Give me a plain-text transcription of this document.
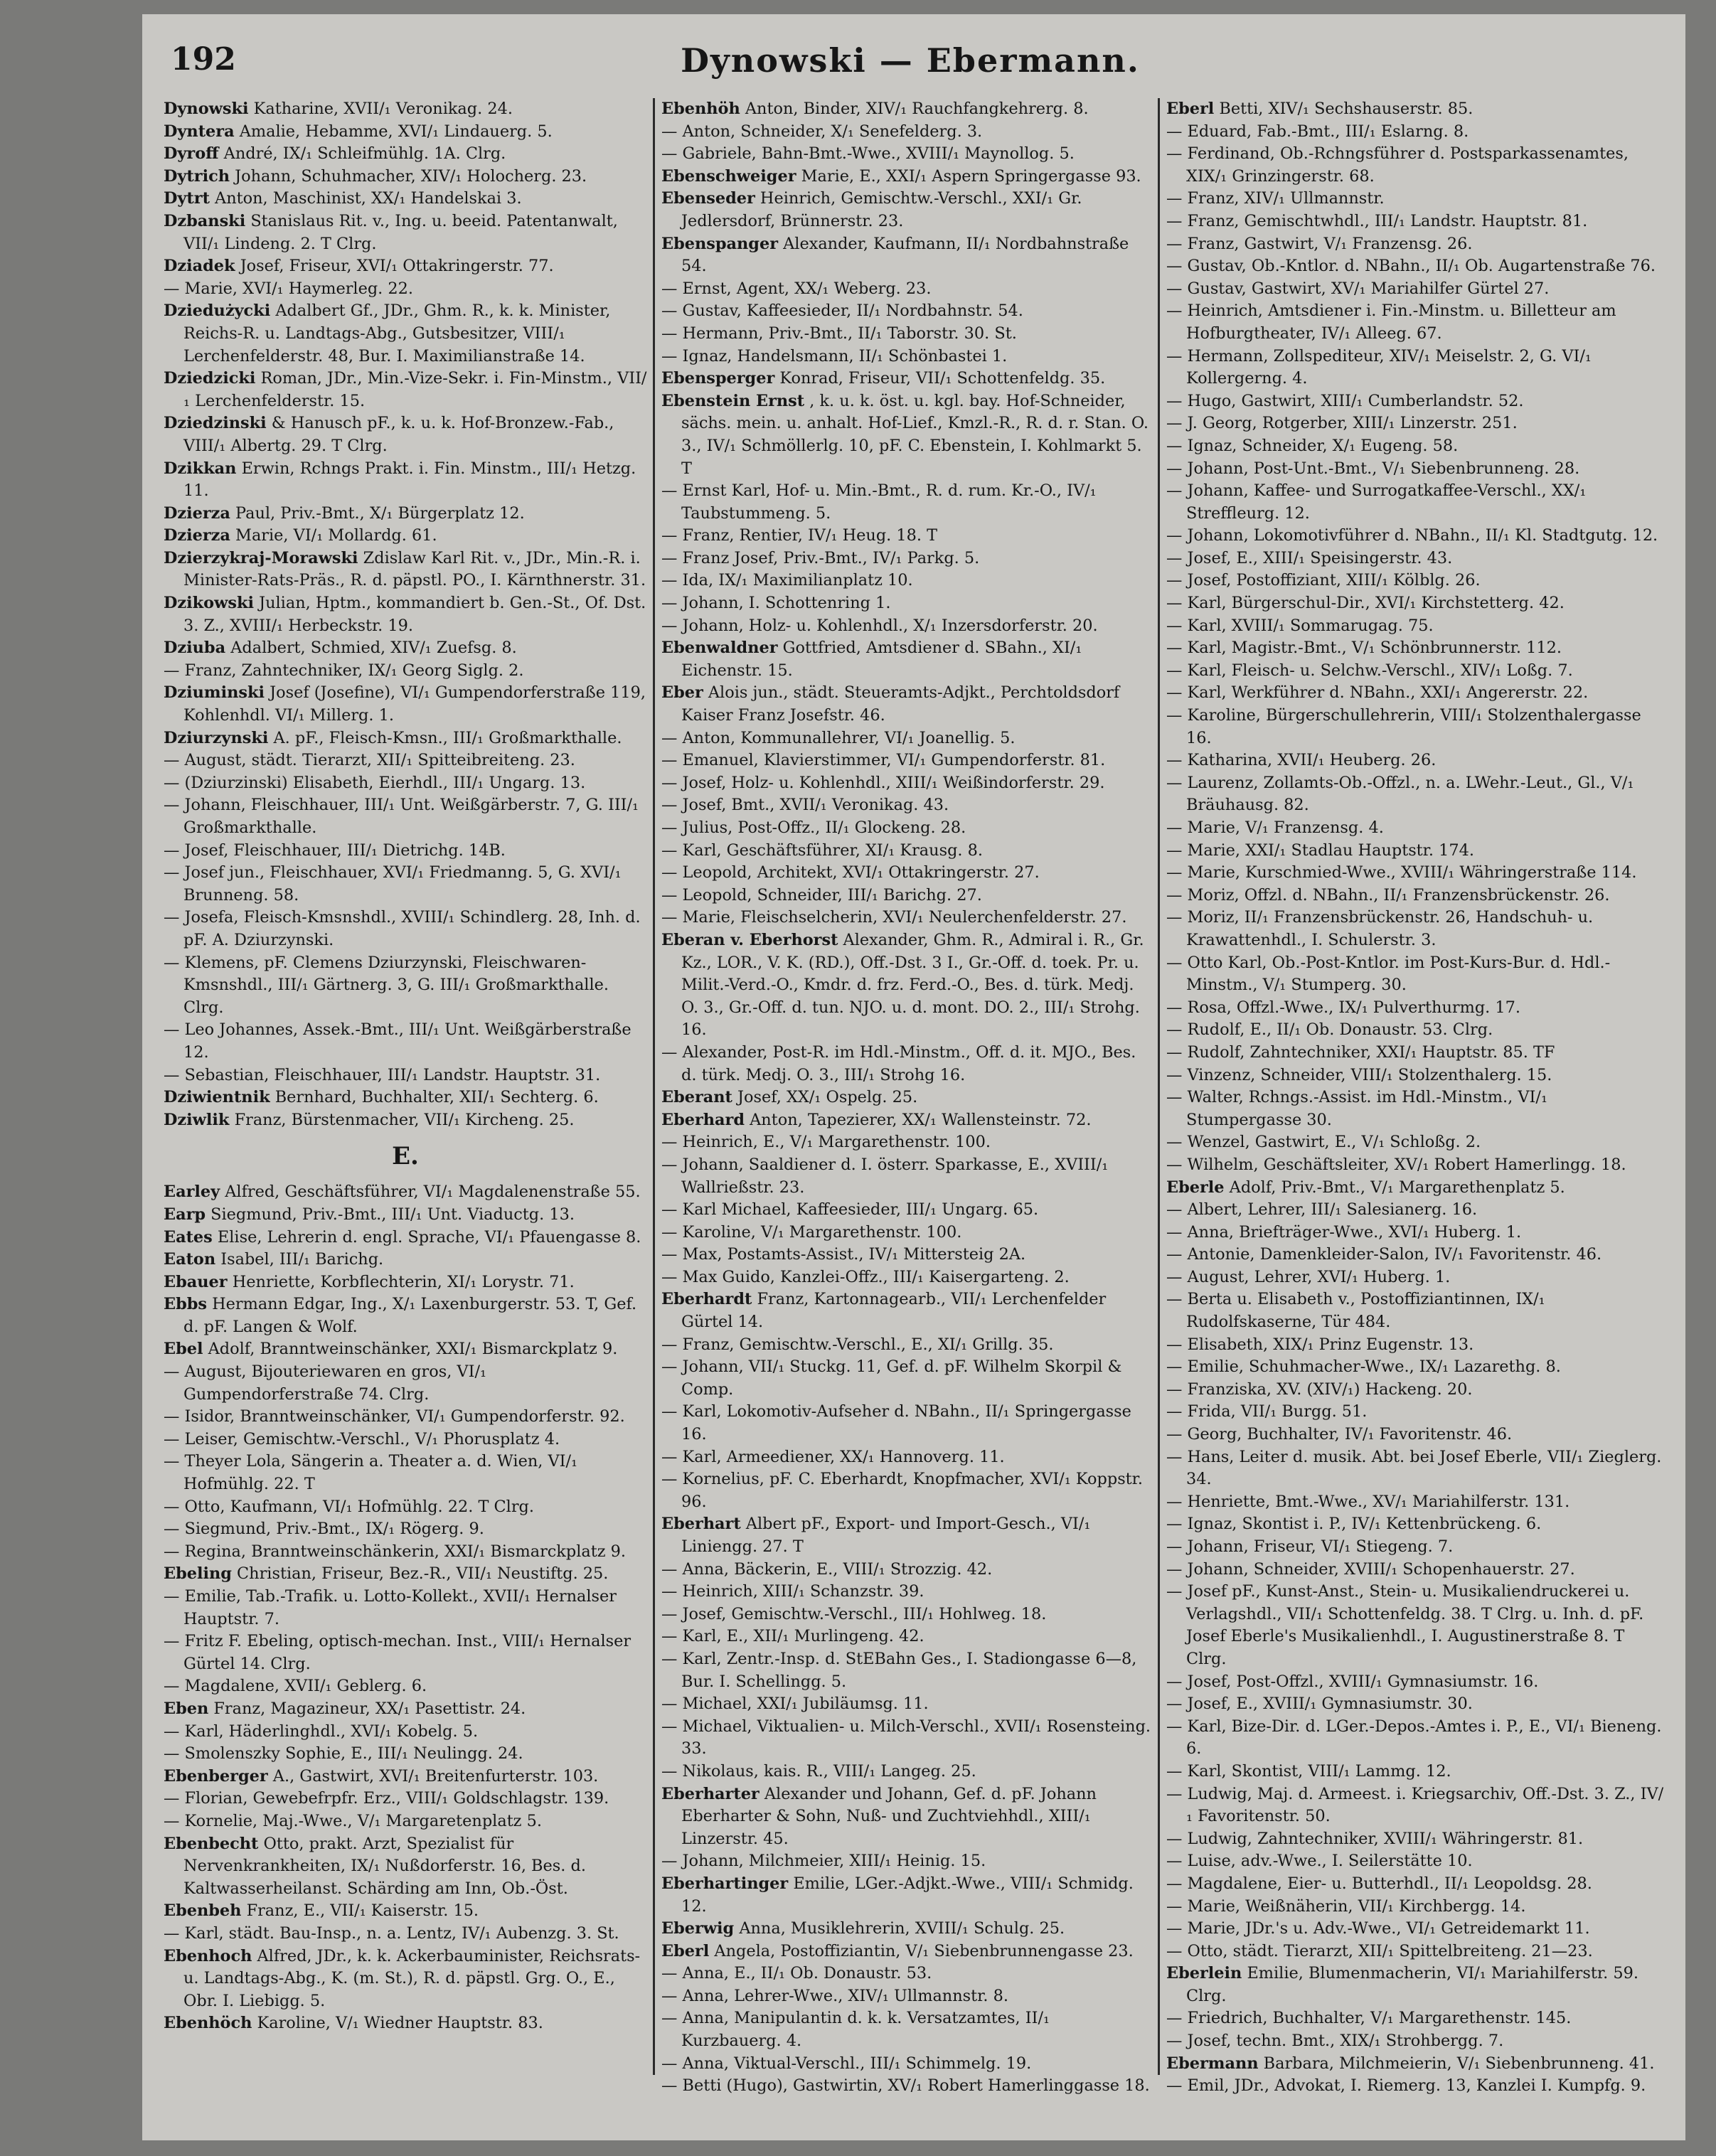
Dynowski — Ebermann.
192
Dynowski Katharine, XVII/₁ Veronikag. 24.
Dyntera Amalie, Hebamme, XVI/₁ Lindauerg. 5.
Dyroff André, IX/₁ Schleifmühlg. 1A. Clrg.
Dytrich Johann, Schuhmacher, XIV/₁ Holocherg. 23.
Dytrt Anton, Maschinist, XX/₁ Handelskai 3.
Dzbanski Stanislaus Rit. v., Ing. u. beeid. Patentanwalt, VII/₁ Lindeng. 2. T Clrg.
Dziadek Josef, Friseur, XVI/₁ Ottakringerstr. 77.
— Marie, XVI/₁ Haymerleg. 22.
Dziedużycki Adalbert Gf., JDr., Ghm. R., k. k. Minister, Reichs-R. u. Landtags-Abg., Gutsbesitzer, VIII/₁ Lerchenfelderstr. 48, Bur. I. Maximilianstraße 14.
Dziedzicki Roman, JDr., Min.-Vize-Sekr. i. Fin-Minstm., VII/₁ Lerchenfelderstr. 15.
Dziedzinski & Hanusch pF., k. u. k. Hof-Bronzew.-Fab., VIII/₁ Albertg. 29. T Clrg.
Dzikkan Erwin, Rchngs Prakt. i. Fin. Minstm., III/₁ Hetzg. 11.
Dzierza Paul, Priv.-Bmt., X/₁ Bürgerplatz 12.
Dzierza Marie, VI/₁ Mollardg. 61.
Dzierzykraj-Morawski Zdislaw Karl Rit. v., JDr., Min.-R. i. Minister-Rats-Präs., R. d. päpstl. PO., I. Kärnthnerstr. 31.
Dzikowski Julian, Hptm., kommandiert b. Gen.-St., Of. Dst. 3. Z., XVIII/₁ Herbeckstr. 19.
Dziuba Adalbert, Schmied, XIV/₁ Zuefsg. 8.
— Franz, Zahntechniker, IX/₁ Georg Siglg. 2.
Dziuminski Josef (Josefine), VI/₁ Gumpendorferstraße 119, Kohlenhdl. VI/₁ Millerg. 1.
Dziurzynski A. pF., Fleisch-Kmsn., III/₁ Großmarkthalle.
— August, städt. Tierarzt, XII/₁ Spitteibreiteng. 23.
— (Dziurzinski) Elisabeth, Eierhdl., III/₁ Ungarg. 13.
— Johann, Fleischhauer, III/₁ Unt. Weißgärberstr. 7, G. III/₁ Großmarkthalle.
— Josef, Fleischhauer, III/₁ Dietrichg. 14B.
— Josef jun., Fleischhauer, XVI/₁ Friedmanng. 5, G. XVI/₁ Brunneng. 58.
— Josefa, Fleisch-Kmsnshdl., XVIII/₁ Schindlerg. 28, Inh. d. pF. A. Dziurzynski.
— Klemens, pF. Clemens Dziurzynski, Fleischwaren-Kmsnshdl., III/₁ Gärtnerg. 3, G. III/₁ Großmarkthalle. Clrg.
— Leo Johannes, Assek.-Bmt., III/₁ Unt. Weißgärberstraße 12.
— Sebastian, Fleischhauer, III/₁ Landstr. Hauptstr. 31.
Dziwientnik Bernhard, Buchhalter, XII/₁ Sechterg. 6.
Dziwlik Franz, Bürstenmacher, VII/₁ Kircheng. 25.
E.
Earley Alfred, Geschäftsführer, VI/₁ Magdalenenstraße 55.
Earp Siegmund, Priv.-Bmt., III/₁ Unt. Viaductg. 13.
Eates Elise, Lehrerin d. engl. Sprache, VI/₁ Pfauengasse 8.
Eaton Isabel, III/₁ Barichg.
Ebauer Henriette, Korbflechterin, XI/₁ Lorystr. 71.
Ebbs Hermann Edgar, Ing., X/₁ Laxenburgerstr. 53. T, Gef. d. pF. Langen & Wolf.
Ebel Adolf, Branntweinschänker, XXI/₁ Bismarckplatz 9.
— August, Bijouteriewaren en gros, VI/₁ Gumpendorferstraße 74. Clrg.
— Isidor, Branntweinschänker, VI/₁ Gumpendorferstr. 92.
— Leiser, Gemischtw.-Verschl., V/₁ Phorusplatz 4.
— Theyer Lola, Sängerin a. Theater a. d. Wien, VI/₁ Hofmühlg. 22. T
— Otto, Kaufmann, VI/₁ Hofmühlg. 22. T Clrg.
— Siegmund, Priv.-Bmt., IX/₁ Rögerg. 9.
— Regina, Branntweinschänkerin, XXI/₁ Bismarckplatz 9.
Ebeling Christian, Friseur, Bez.-R., VII/₁ Neustiftg. 25.
— Emilie, Tab.-Trafik. u. Lotto-Kollekt., XVII/₁ Hernalser Hauptstr. 7.
— Fritz F. Ebeling, optisch-mechan. Inst., VIII/₁ Hernalser Gürtel 14. Clrg.
— Magdalene, XVII/₁ Geblerg. 6.
Eben Franz, Magazineur, XX/₁ Pasettistr. 24.
— Karl, Häderlinghdl., XVI/₁ Kobelg. 5.
— Smolenszky Sophie, E., III/₁ Neulingg. 24.
Ebenberger A., Gastwirt, XVI/₁ Breitenfurterstr. 103.
— Florian, Gewebefrpfr. Erz., VIII/₁ Goldschlagstr. 139.
— Kornelie, Maj.-Wwe., V/₁ Margaretenplatz 5.
Ebenbecht Otto, prakt. Arzt, Spezialist für Nervenkrankheiten, IX/₁ Nußdorferstr. 16, Bes. d. Kaltwasserheilanst. Schärding am Inn, Ob.-Öst.
Ebenbeh Franz, E., VII/₁ Kaiserstr. 15.
— Karl, städt. Bau-Insp., n. a. Lentz, IV/₁ Aubenzg. 3. St.
Ebenhoch Alfred, JDr., k. k. Ackerbauminister, Reichsrats- u. Landtags-Abg., K. (m. St.), R. d. päpstl. Grg. O., E., Obr. I. Liebigg. 5.
Ebenhöch Karoline, V/₁ Wiedner Hauptstr. 83.
Ebenhöh Anton, Binder, XIV/₁ Rauchfangkehrerg. 8.
— Anton, Schneider, X/₁ Senefelderg. 3.
— Gabriele, Bahn-Bmt.-Wwe., XVIII/₁ Maynollog. 5.
Ebenschweiger Marie, E., XXI/₁ Aspern Springergasse 93.
Ebenseder Heinrich, Gemischtw.-Verschl., XXI/₁ Gr. Jedlersdorf, Brünnerstr. 23.
Ebenspanger Alexander, Kaufmann, II/₁ Nordbahnstraße 54.
— Ernst, Agent, XX/₁ Weberg. 23.
— Gustav, Kaffeesieder, II/₁ Nordbahnstr. 54.
— Hermann, Priv.-Bmt., II/₁ Taborstr. 30. St.
— Ignaz, Handelsmann, II/₁ Schönbastei 1.
Ebensperger Konrad, Friseur, VII/₁ Schottenfeldg. 35.
Ebenstein Ernst , k. u. k. öst. u. kgl. bay. Hof-Schneider, sächs. mein. u. anhalt. Hof-Lief., Kmzl.-R., R. d. r. Stan. O. 3., IV/₁ Schmöllerlg. 10, pF. C. Ebenstein, I. Kohlmarkt 5. T
— Ernst Karl, Hof- u. Min.-Bmt., R. d. rum. Kr.-O., IV/₁ Taubstummeng. 5.
— Franz, Rentier, IV/₁ Heug. 18. T
— Franz Josef, Priv.-Bmt., IV/₁ Parkg. 5.
— Ida, IX/₁ Maximilianplatz 10.
— Johann, I. Schottenring 1.
— Johann, Holz- u. Kohlenhdl., X/₁ Inzersdorferstr. 20.
Ebenwaldner Gottfried, Amtsdiener d. SBahn., XI/₁ Eichenstr. 15.
Eber Alois jun., städt. Steueramts-Adjkt., Perchtoldsdorf Kaiser Franz Josefstr. 46.
— Anton, Kommunallehrer, VI/₁ Joanellig. 5.
— Emanuel, Klavierstimmer, VI/₁ Gumpendorferstr. 81.
— Josef, Holz- u. Kohlenhdl., XIII/₁ Weißindorferstr. 29.
— Josef, Bmt., XVII/₁ Veronikag. 43.
— Julius, Post-Offz., II/₁ Glockeng. 28.
— Karl, Geschäftsführer, XI/₁ Krausg. 8.
— Leopold, Architekt, XVI/₁ Ottakringerstr. 27.
— Leopold, Schneider, III/₁ Barichg. 27.
— Marie, Fleischselcherin, XVI/₁ Neulerchenfelderstr. 27.
Eberan v. Eberhorst Alexander, Ghm. R., Admiral i. R., Gr. Kz., LOR., V. K. (RD.), Off.-Dst. 3 I., Gr.-Off. d. toek. Pr. u. Milit.-Verd.-O., Kmdr. d. frz. Ferd.-O., Bes. d. türk. Medj. O. 3., Gr.-Off. d. tun. NJO. u. d. mont. DO. 2., III/₁ Strohg. 16.
— Alexander, Post-R. im Hdl.-Minstm., Off. d. it. MJO., Bes. d. türk. Medj. O. 3., III/₁ Strohg 16.
Eberant Josef, XX/₁ Ospelg. 25.
Eberhard Anton, Tapezierer, XX/₁ Wallensteinstr. 72.
— Heinrich, E., V/₁ Margarethenstr. 100.
— Johann, Saaldiener d. I. österr. Sparkasse, E., XVIII/₁ Wallrießstr. 23.
— Karl Michael, Kaffeesieder, III/₁ Ungarg. 65.
— Karoline, V/₁ Margarethenstr. 100.
— Max, Postamts-Assist., IV/₁ Mittersteig 2A.
— Max Guido, Kanzlei-Offz., III/₁ Kaisergarteng. 2.
Eberhardt Franz, Kartonnagearb., VII/₁ Lerchenfelder Gürtel 14.
— Franz, Gemischtw.-Verschl., E., XI/₁ Grillg. 35.
— Johann, VII/₁ Stuckg. 11, Gef. d. pF. Wilhelm Skorpil & Comp.
— Karl, Lokomotiv-Aufseher d. NBahn., II/₁ Springergasse 16.
— Karl, Armeediener, XX/₁ Hannoverg. 11.
— Kornelius, pF. C. Eberhardt, Knopfmacher, XVI/₁ Koppstr. 96.
Eberhart Albert pF., Export- und Import-Gesch., VI/₁ Liniengg. 27. T
— Anna, Bäckerin, E., VIII/₁ Strozzig. 42.
— Heinrich, XIII/₁ Schanzstr. 39.
— Josef, Gemischtw.-Verschl., III/₁ Hohlweg. 18.
— Karl, E., XII/₁ Murlingeng. 42.
— Karl, Zentr.-Insp. d. StEBahn Ges., I. Stadiongasse 6—8, Bur. I. Schellingg. 5.
— Michael, XXI/₁ Jubiläumsg. 11.
— Michael, Viktualien- u. Milch-Verschl., XVII/₁ Rosensteing. 33.
— Nikolaus, kais. R., VIII/₁ Langeg. 25.
Eberharter Alexander und Johann, Gef. d. pF. Johann Eberharter & Sohn, Nuß- und Zuchtviehhdl., XIII/₁ Linzerstr. 45.
— Johann, Milchmeier, XIII/₁ Heinig. 15.
Eberhartinger Emilie, LGer.-Adjkt.-Wwe., VIII/₁ Schmidg. 12.
Eberwig Anna, Musiklehrerin, XVIII/₁ Schulg. 25.
Eberl Angela, Postoffiziantin, V/₁ Siebenbrunnengasse 23.
— Anna, E., II/₁ Ob. Donaustr. 53.
— Anna, Lehrer-Wwe., XIV/₁ Ullmannstr. 8.
— Anna, Manipulantin d. k. k. Versatzamtes, II/₁ Kurzbauerg. 4.
— Anna, Viktual-Verschl., III/₁ Schimmelg. 19.
— Betti (Hugo), Gastwirtin, XV/₁ Robert Hamerlinggasse 18.
Eberl Betti, XIV/₁ Sechshauserstr. 85.
— Eduard, Fab.-Bmt., III/₁ Eslarng. 8.
— Ferdinand, Ob.-Rchngsführer d. Postsparkassenamtes, XIX/₁ Grinzingerstr. 68.
— Franz, XIV/₁ Ullmannstr.
— Franz, Gemischtwhdl., III/₁ Landstr. Hauptstr. 81.
— Franz, Gastwirt, V/₁ Franzensg. 26.
— Gustav, Ob.-Kntlor. d. NBahn., II/₁ Ob. Augartenstraße 76.
— Gustav, Gastwirt, XV/₁ Mariahilfer Gürtel 27.
— Heinrich, Amtsdiener i. Fin.-Minstm. u. Billetteur am Hofburgtheater, IV/₁ Alleeg. 67.
— Hermann, Zollspediteur, XIV/₁ Meiselstr. 2, G. VI/₁ Kollergerng. 4.
— Hugo, Gastwirt, XIII/₁ Cumberlandstr. 52.
— J. Georg, Rotgerber, XIII/₁ Linzerstr. 251.
— Ignaz, Schneider, X/₁ Eugeng. 58.
— Johann, Post-Unt.-Bmt., V/₁ Siebenbrunneng. 28.
— Johann, Kaffee- und Surrogatkaffee-Verschl., XX/₁ Streffleurg. 12.
— Johann, Lokomotivführer d. NBahn., II/₁ Kl. Stadtgutg. 12.
— Josef, E., XIII/₁ Speisingerstr. 43.
— Josef, Postoffiziant, XIII/₁ Kölblg. 26.
— Karl, Bürgerschul-Dir., XVI/₁ Kirchstetterg. 42.
— Karl, XVIII/₁ Sommarugag. 75.
— Karl, Magistr.-Bmt., V/₁ Schönbrunnerstr. 112.
— Karl, Fleisch- u. Selchw.-Verschl., XIV/₁ Loßg. 7.
— Karl, Werkführer d. NBahn., XXI/₁ Angererstr. 22.
— Karoline, Bürgerschullehrerin, VIII/₁ Stolzenthalergasse 16.
— Katharina, XVII/₁ Heuberg. 26.
— Laurenz, Zollamts-Ob.-Offzl., n. a. LWehr.-Leut., Gl., V/₁ Bräuhausg. 82.
— Marie, V/₁ Franzensg. 4.
— Marie, XXI/₁ Stadlau Hauptstr. 174.
— Marie, Kurschmied-Wwe., XVIII/₁ Währingerstraße 114.
— Moriz, Offzl. d. NBahn., II/₁ Franzensbrückenstr. 26.
— Moriz, II/₁ Franzensbrückenstr. 26, Handschuh- u. Krawattenhdl., I. Schulerstr. 3.
— Otto Karl, Ob.-Post-Kntlor. im Post-Kurs-Bur. d. Hdl.-Minstm., V/₁ Stumperg. 30.
— Rosa, Offzl.-Wwe., IX/₁ Pulverthurmg. 17.
— Rudolf, E., II/₁ Ob. Donaustr. 53. Clrg.
— Rudolf, Zahntechniker, XXI/₁ Hauptstr. 85. TF
— Vinzenz, Schneider, VIII/₁ Stolzenthalerg. 15.
— Walter, Rchngs.-Assist. im Hdl.-Minstm., VI/₁ Stumpergasse 30.
— Wenzel, Gastwirt, E., V/₁ Schloßg. 2.
— Wilhelm, Geschäftsleiter, XV/₁ Robert Hamerlingg. 18.
Eberle Adolf, Priv.-Bmt., V/₁ Margarethenplatz 5.
— Albert, Lehrer, III/₁ Salesianerg. 16.
— Anna, Briefträger-Wwe., XVI/₁ Huberg. 1.
— Antonie, Damenkleider-Salon, IV/₁ Favoritenstr. 46.
— August, Lehrer, XVI/₁ Huberg. 1.
— Berta u. Elisabeth v., Postoffiziantinnen, IX/₁ Rudolfskaserne, Tür 484.
— Elisabeth, XIX/₁ Prinz Eugenstr. 13.
— Emilie, Schuhmacher-Wwe., IX/₁ Lazarethg. 8.
— Franziska, XV. (XIV/₁) Hackeng. 20.
— Frida, VII/₁ Burgg. 51.
— Georg, Buchhalter, IV/₁ Favoritenstr. 46.
— Hans, Leiter d. musik. Abt. bei Josef Eberle, VII/₁ Zieglerg. 34.
— Henriette, Bmt.-Wwe., XV/₁ Mariahilferstr. 131.
— Ignaz, Skontist i. P., IV/₁ Kettenbrückeng. 6.
— Johann, Friseur, VI/₁ Stiegeng. 7.
— Johann, Schneider, XVIII/₁ Schopenhauerstr. 27.
— Josef pF., Kunst-Anst., Stein- u. Musikaliendruckerei u. Verlagshdl., VII/₁ Schottenfeldg. 38. T Clrg. u. Inh. d. pF. Josef Eberle's Musikalienhdl., I. Augustinerstraße 8. T Clrg.
— Josef, Post-Offzl., XVIII/₁ Gymnasiumstr. 16.
— Josef, E., XVIII/₁ Gymnasiumstr. 30.
— Karl, Bize-Dir. d. LGer.-Depos.-Amtes i. P., E., VI/₁ Bieneng. 6.
— Karl, Skontist, VIII/₁ Lammg. 12.
— Ludwig, Maj. d. Armeest. i. Kriegsarchiv, Off.-Dst. 3. Z., IV/₁ Favoritenstr. 50.
— Ludwig, Zahntechniker, XVIII/₁ Währingerstr. 81.
— Luise, adv.-Wwe., I. Seilerstätte 10.
— Magdalene, Eier- u. Butterhdl., II/₁ Leopoldsg. 28.
— Marie, Weißnäherin, VII/₁ Kirchbergg. 14.
— Marie, JDr.'s u. Adv.-Wwe., VI/₁ Getreidemarkt 11.
— Otto, städt. Tierarzt, XII/₁ Spittelbreiteng. 21—23.
Eberlein Emilie, Blumenmacherin, VI/₁ Mariahilferstr. 59. Clrg.
— Friedrich, Buchhalter, V/₁ Margarethenstr. 145.
— Josef, techn. Bmt., XIX/₁ Strohbergg. 7.
Ebermann Barbara, Milchmeierin, V/₁ Siebenbrunneng. 41.
— Emil, JDr., Advokat, I. Riemerg. 13, Kanzlei I. Kumpfg. 9.
